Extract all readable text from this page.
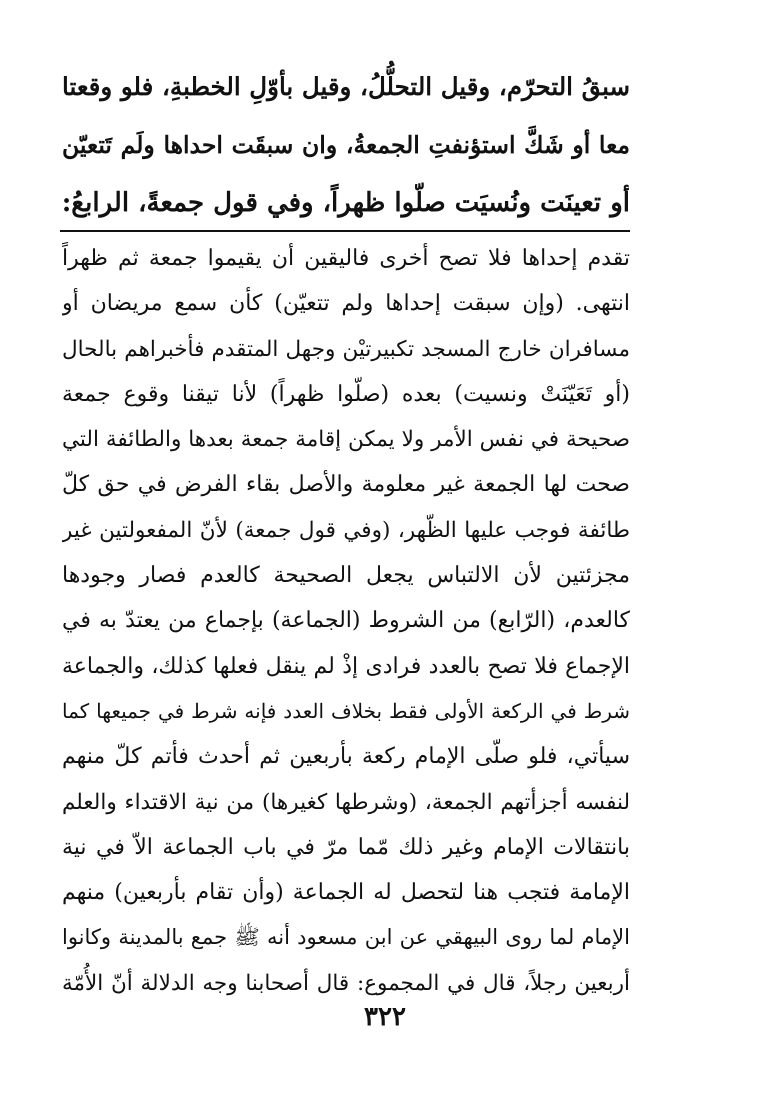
سبقُ التحرّم، وقيل التحلُّلُ، وقيل بأوّلِ الخطبةِ، فلو وقعتا
معا أو شَكَّ استؤنفتِ الجمعةُ، وان سبقَت احداها ولَم تَتعيّن
أو تعينَت ونُسيَت صلّوا ظهراً، وفي قول جمعةً، الرابعُ:
تقدم إحداها فلا تصح أخرى فاليقين أن يقيموا جمعة ثم ظهراً
انتهى. (وإن سبقت إحداها ولم تتعيّن) كأن سمع مريضان أو
مسافران خارج المسجد تكبيرتيْن وجهل المتقدم فأخبراهم بالحال
(أو تَعَيّنَتْ ونسيت) بعده (صلّوا ظهراً) لأنا تيقنا وقوع جمعة
صحيحة في نفس الأمر ولا يمكن إقامة جمعة بعدها والطائفة التي
صحت لها الجمعة غير معلومة والأصل بقاء الفرض في حق كلّ
طائفة فوجب عليها الظّهر، (وفي قول جمعة) لأنّ المفعولتين غير
مجزئتين لأن الالتباس يجعل الصحيحة كالعدم فصار وجودها
كالعدم، (الرّابع) من الشروط (الجماعة) بإجماع من يعتدّ به في
الإجماع فلا تصح بالعدد فرادى إذْ لم ينقل فعلها كذلك، والجماعة
شرط في الركعة الأولى فقط بخلاف العدد فإنه شرط في جميعها كما
سيأتي، فلو صلّى الإمام ركعة بأربعين ثم أحدث فأتم كلّ منهم
لنفسه أجزأتهم الجمعة، (وشرطها كغيرها) من نية الاقتداء والعلم
بانتقالات الإمام وغير ذلك مّما مرّ في باب الجماعة الاّ في نية
الإمامة فتجب هنا لتحصل له الجماعة (وأن تقام بأربعين) منهم
الإمام لما روى البيهقي عن ابن مسعود أنه ﷺ جمع بالمدينة وكانوا
أربعين رجلاً، قال في المجموع: قال أصحابنا وجه الدلالة أنّ الأُمّة
٣٢٢
